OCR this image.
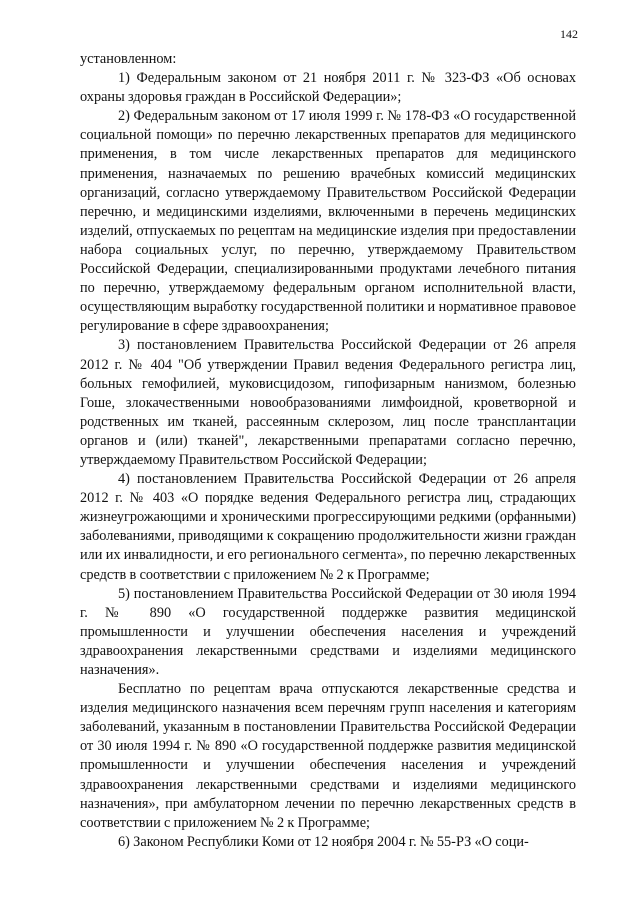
142

установленном:

1) Федеральным законом от 21 ноября 2011 г. № 323-ФЗ «Об основах охраны здоровья граждан в Российской Федерации»;

2) Федеральным законом от 17 июля 1999 г. № 178-ФЗ «О государственной социальной помощи» по перечню лекарственных препаратов для медицинского применения, в том числе лекарственных препаратов для медицинского применения, назначаемых по решению врачебных комиссий медицинских организаций, согласно утверждаемому Правительством Российской Федерации перечню, и медицинскими изделиями, включенными в перечень медицинских изделий, отпускаемых по рецептам на медицинские изделия при предоставлении набора социальных услуг, по перечню, утверждаемому Правительством Российской Федерации, специализированными продуктами лечебного питания по перечню, утверждаемому федеральным органом исполнительной власти, осуществляющим выработку государственной политики и нормативное правовое регулирование в сфере здравоохранения;

3) постановлением Правительства Российской Федерации от 26 апреля 2012 г. № 404 "Об утверждении Правил ведения Федерального регистра лиц, больных гемофилией, муковисцидозом, гипофизарным нанизмом, болезнью Гоше, злокачественными новообразованиями лимфоидной, кроветворной и родственных им тканей, рассеянным склерозом, лиц после трансплантации органов и (или) тканей", лекарственными препаратами согласно перечню, утверждаемому Правительством Российской Федерации;

4) постановлением Правительства Российской Федерации от 26 апреля 2012 г. № 403 «О порядке ведения Федерального регистра лиц, страдающих жизнеугрожающими и хроническими прогрессирующими редкими (орфанными) заболеваниями, приводящими к сокращению продолжительности жизни граждан или их инвалидности, и его регионального сегмента», по перечню лекарственных средств в соответствии с приложением № 2 к Программе;

5) постановлением Правительства Российской Федерации от 30 июля 1994 г. № 890 «О государственной поддержке развития медицинской промышленности и улучшении обеспечения населения и учреждений здравоохранения лекарственными средствами и изделиями медицинского назначения».

Бесплатно по рецептам врача отпускаются лекарственные средства и изделия медицинского назначения всем перечням групп населения и категориям заболеваний, указанным в постановлении Правительства Российской Федерации от 30 июля 1994 г. № 890 «О государственной поддержке развития медицинской промышленности и улучшении обеспечения населения и учреждений здравоохранения лекарственными средствами и изделиями медицинского назначения», при амбулаторном лечении по перечню лекарственных средств в соответствии с приложением № 2 к Программе;

6) Законом Республики Коми от 12 ноября 2004 г. № 55-РЗ «О соци-
